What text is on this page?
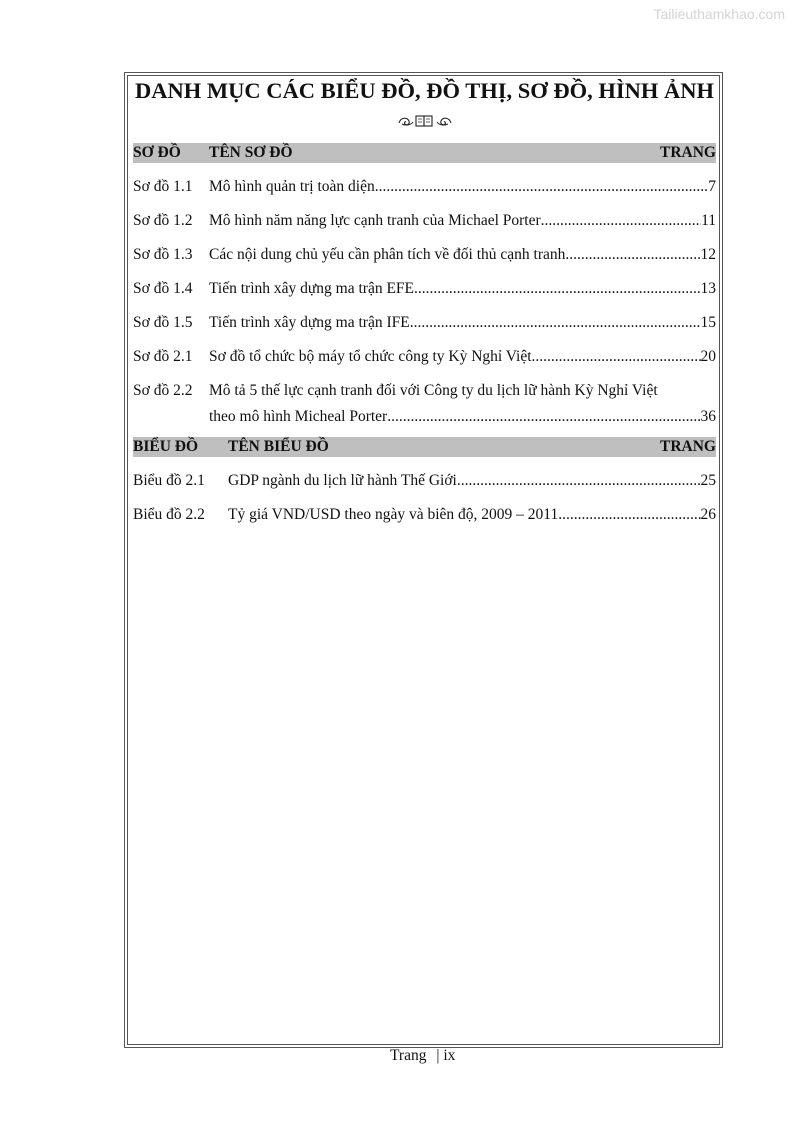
Tailieuthamkhao.com
DANH MỤC CÁC BIỂU ĐỒ, ĐỒ THỊ, SƠ ĐỒ, HÌNH ẢNH
SƠ ĐỒ	TÊN SƠ ĐỒ	TRANG
Sơ đồ 1.1	Mô hình quản trị toàn diện .....	7
Sơ đồ 1.2	Mô hình năm năng lực cạnh tranh của Michael Porter .....	11
Sơ đồ 1.3	Các nội dung chủ yếu cần phân tích về đối thủ cạnh tranh .....	12
Sơ đồ 1.4	Tiến trình xây dựng ma trận EFE .....	13
Sơ đồ 1.5	Tiến trình xây dựng ma trận IFE .....	15
Sơ đồ 2.1	Sơ đồ tổ chức bộ máy tổ chức công ty Kỳ Nghỉ Việt .....	20
Sơ đồ 2.2	Mô tả 5 thế lực cạnh tranh đối với Công ty du lịch lữ hành Kỳ Nghỉ Việt
theo mô hình Micheal Porter .....	36
BIỂU ĐỒ	TÊN BIỂU ĐỒ	TRANG
Biểu đồ 2.1	GDP ngành du lịch lữ hành Thế Giới .....	25
Biểu đồ 2.2	Tỷ giá VND/USD theo ngày và biên độ, 2009 – 2011 .....	26
Trang | ix
